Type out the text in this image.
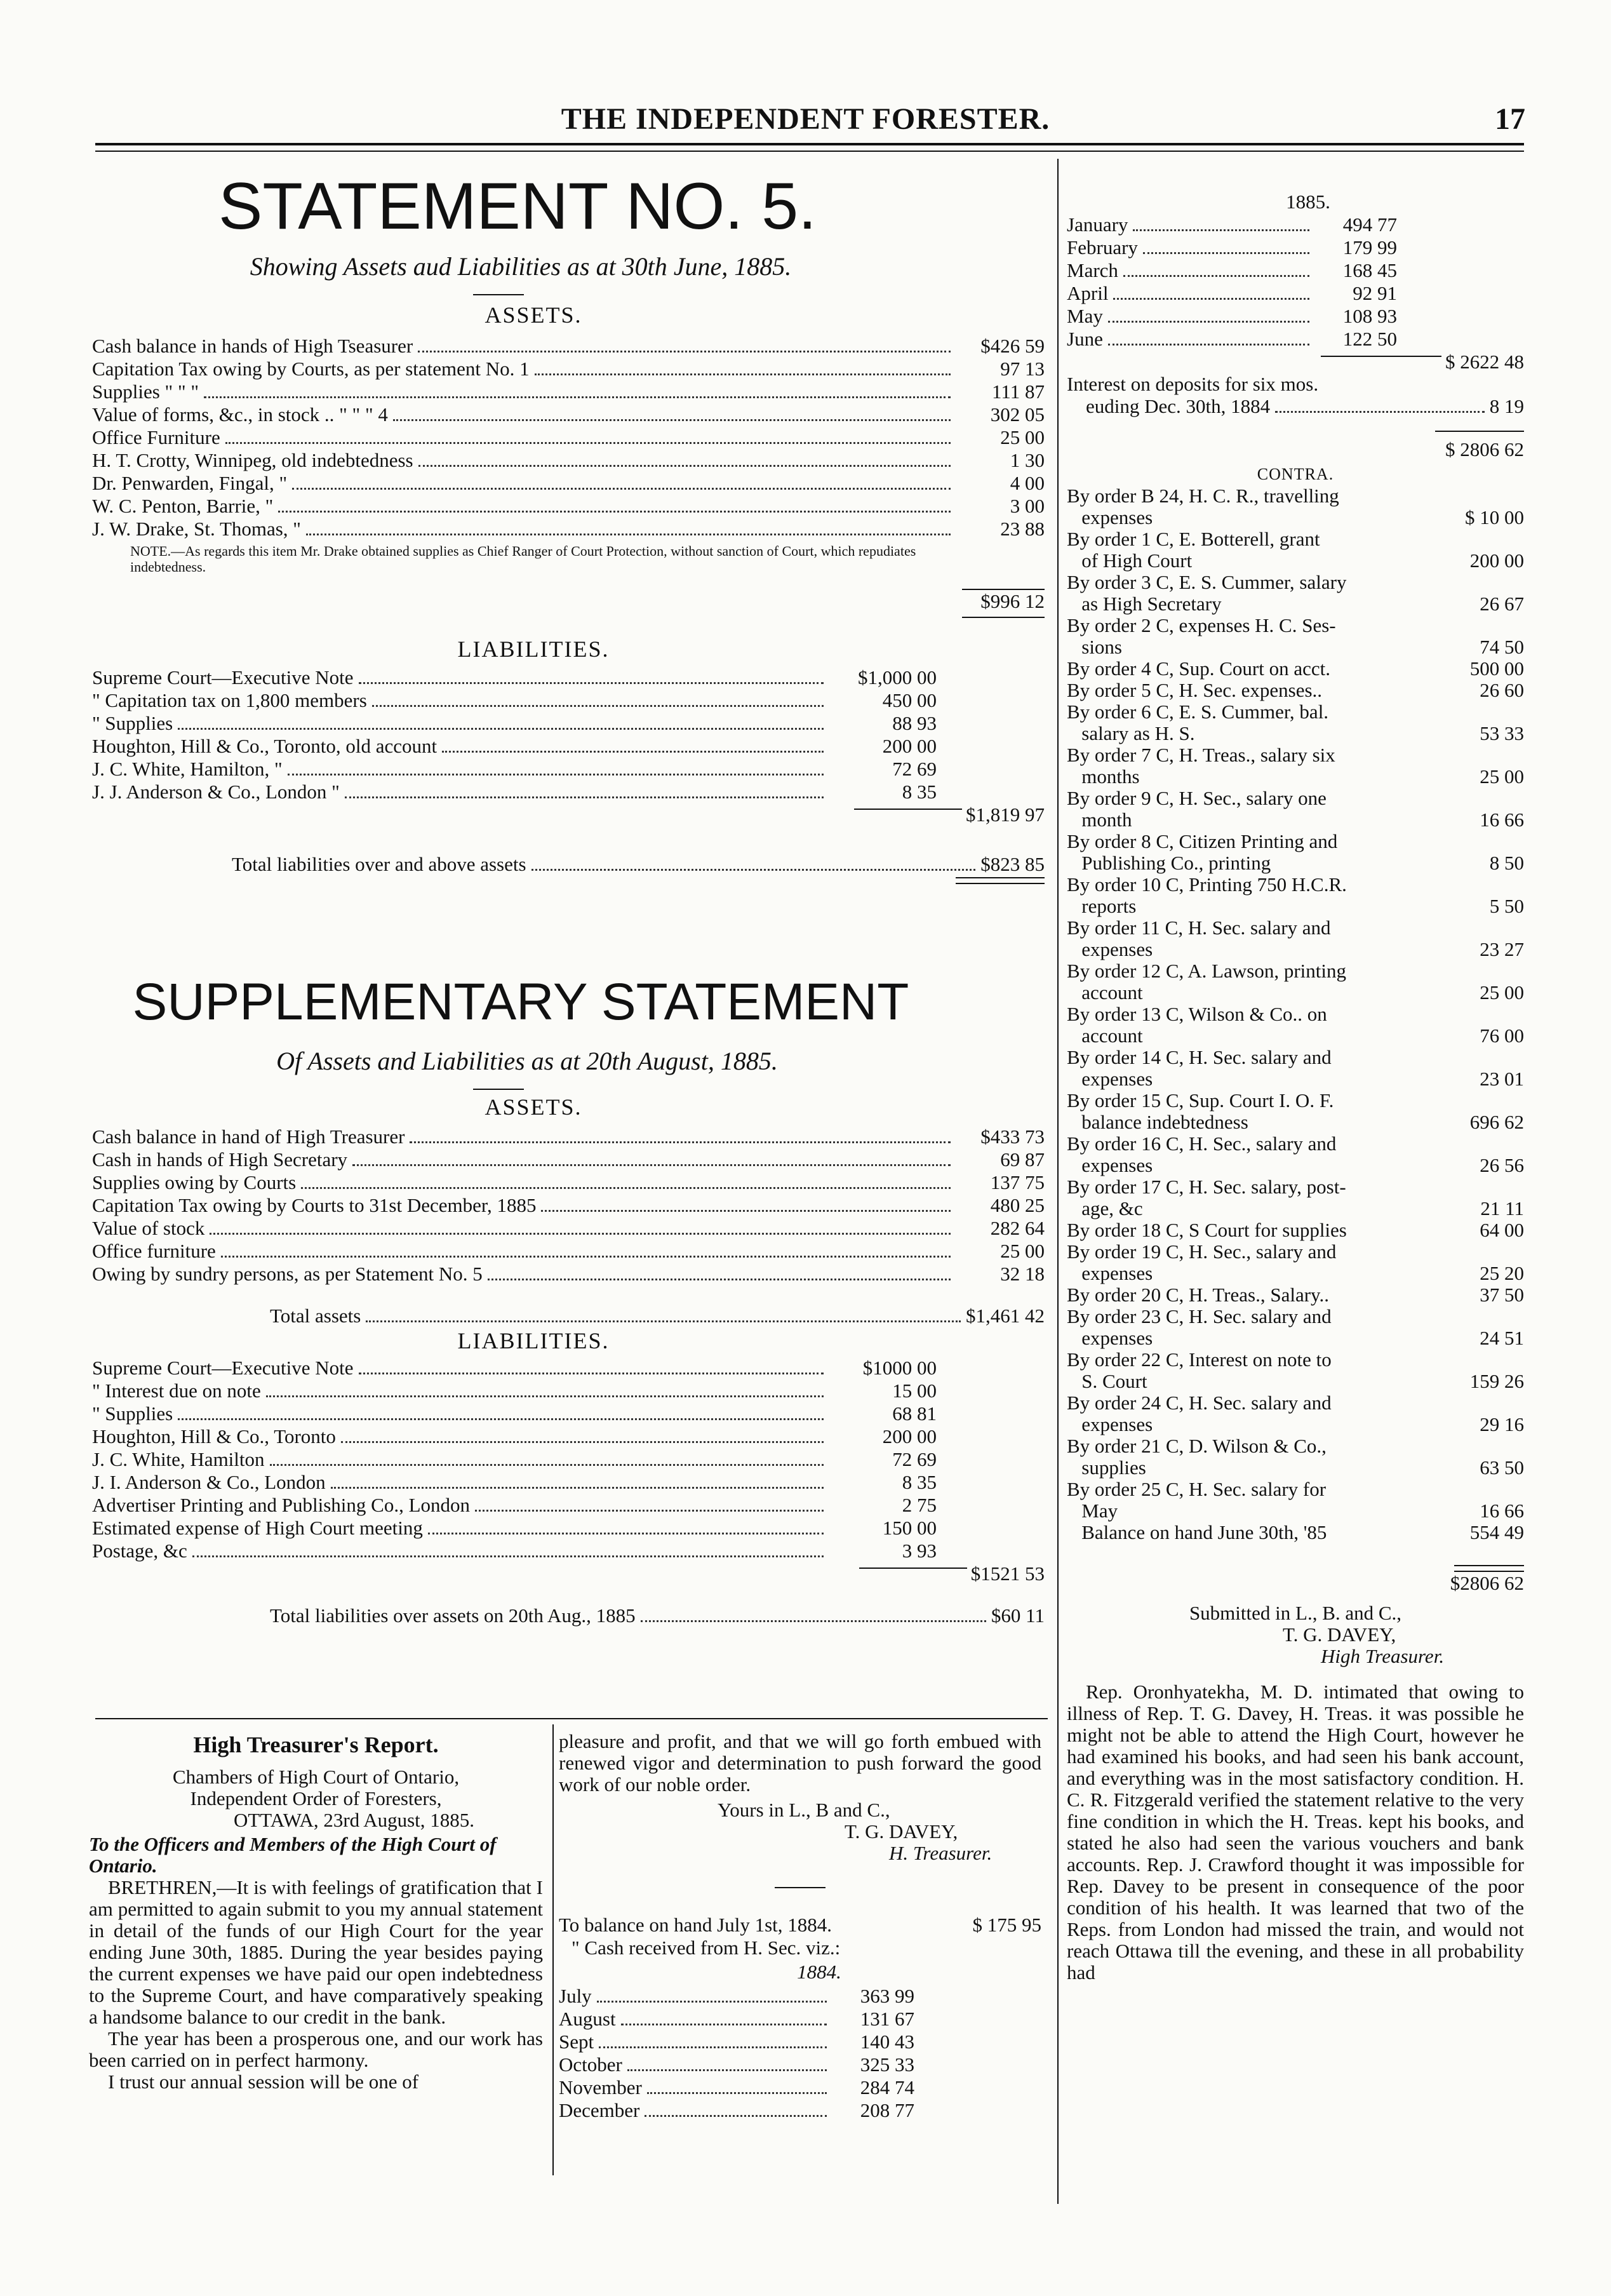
THE INDEPENDENT FORESTER.	17
STATEMENT NO. 5.
Showing Assets aud Liabilities as at 30th June, 1885.
ASSETS.
Cash balance in hands of High Tseasurer	$426 59
Capitation Tax owing by Courts, as per statement No. 1	97 13
Supplies " " "	111 87
Value of forms, &c., in stock .. " " " 4	302 05
Office Furniture	25 00
H. T. Crotty, Winnipeg, old indebtedness	1 30
Dr. Penwarden, Fingal, "	4 00
W. C. Penton, Barrie, "	3 00
J. W. Drake, St. Thomas, "	23 88
NOTE.—As regards this item Mr. Drake obtained supplies as Chief Ranger of Court Protection, without sanction of Court, which repudiates indebtedness.
$996 12
LIABILITIES.
Supreme Court—Executive Note	$1,000 00
" Capitation tax on 1,800 members	450 00
" Supplies	88 93
Houghton, Hill & Co., Toronto, old account	200 00
J. C. White, Hamilton, "	72 69
J. J. Anderson & Co., London "	8 35
$1,819 97
Total liabilities over and above assets	$823 85
SUPPLEMENTARY STATEMENT
Of Assets and Liabilities as at 20th August, 1885.
ASSETS.
Cash balance in hand of High Treasurer	$433 73
Cash in hands of High Secretary	69 87
Supplies owing by Courts	137 75
Capitation Tax owing by Courts to 31st December, 1885	480 25
Value of stock	282 64
Office furniture	25 00
Owing by sundry persons, as per Statement No. 5	32 18
Total assets	$1,461 42
LIABILITIES.
Supreme Court—Executive Note	$1000 00
" Interest due on note	15 00
" Supplies	68 81
Houghton, Hill & Co., Toronto	200 00
J. C. White, Hamilton	72 69
J. I. Anderson & Co., London	8 35
Advertiser Printing and Publishing Co., London	2 75
Estimated expense of High Court meeting	150 00
Postage, &c	3 93
$1521 53
Total liabilities over assets on 20th Aug., 1885	$60 11
High Treasurer's Report.
Chambers of High Court of Ontario,
Independent Order of Foresters,
OTTAWA, 23rd August, 1885.
To the Officers and Members of the High Court of Ontario.
BRETHREN,—It is with feelings of gratification that I am permitted to again submit to you my annual statement in detail of the funds of our High Court for the year ending June 30th, 1885. During the year besides paying the current expenses we have paid our open indebtedness to the Supreme Court, and have comparatively speaking a handsome balance to our credit in the bank.
The year has been a prosperous one, and our work has been carried on in perfect harmony.
I trust our annual session will be one of
pleasure and profit, and that we will go forth embued with renewed vigor and determination to push forward the good work of our noble order.
Yours in L., B and C.,
T. G. DAVEY,
H. Treasurer.
To balance on hand July 1st, 1884.	$ 175 95
" Cash received from H. Sec. viz.:
1884.
July	363 99
August	131 67
Sept	140 43
October	325 33
November	284 74
December	208 77
1885.
January	494 77
February	179 99
March	168 45
April	92 91
May	108 93
June	122 50
$ 2622 48
Interest on deposits for six mos.
euding Dec. 30th, 1884	8 19
$ 2806 62
CONTRA.
By order B 24, H. C. R., travelling
expenses	$ 10 00
By order 1 C, E. Botterell, grant
of High Court	200 00
By order 3 C, E. S. Cummer, salary
as High Secretary	26 67
By order 2 C, expenses H. C. Ses-
sions	74 50
By order 4 C, Sup. Court on acct.	500 00
By order 5 C, H. Sec. expenses..	26 60
By order 6 C, E. S. Cummer, bal.
salary as H. S.	53 33
By order 7 C, H. Treas., salary six
months	25 00
By order 9 C, H. Sec., salary one
month	16 66
By order 8 C, Citizen Printing and
Publishing Co., printing	8 50
By order 10 C, Printing 750 H.C.R.
reports	5 50
By order 11 C, H. Sec. salary and
expenses	23 27
By order 12 C, A. Lawson, printing
account	25 00
By order 13 C, Wilson & Co.. on
account	76 00
By order 14 C, H. Sec. salary and
expenses	23 01
By order 15 C, Sup. Court I. O. F.
balance indebtedness	696 62
By order 16 C, H. Sec., salary and
expenses	26 56
By order 17 C, H. Sec. salary, post-
age, &c	21 11
By order 18 C, S Court for supplies	64 00
By order 19 C, H. Sec., salary and
expenses	25 20
By order 20 C, H. Treas., Salary..	37 50
By order 23 C, H. Sec. salary and
expenses	24 51
By order 22 C, Interest on note to
S. Court	159 26
By order 24 C, H. Sec. salary and
expenses	29 16
By order 21 C, D. Wilson & Co.,
supplies	63 50
By order 25 C, H. Sec. salary for
May	16 66
Balance on hand June 30th, '85	554 49
$2806 62
Submitted in L., B. and C.,
T. G. DAVEY,
High Treasurer.
Rep. Oronhyatekha, M. D. intimated that owing to illness of Rep. T. G. Davey, H. Treas. it was possible he might not be able to attend the High Court, however he had examined his books, and had seen his bank account, and everything was in the most satisfactory condition. H. C. R. Fitzgerald verified the statement relative to the very fine condition in which the H. Treas. kept his books, and stated he also had seen the various vouchers and bank accounts. Rep. J. Crawford thought it was impossible for Rep. Davey to be present in consequence of the poor condition of his health. It was learned that two of the Reps. from London had missed the train, and would not reach Ottawa till the evening, and these in all probability had
